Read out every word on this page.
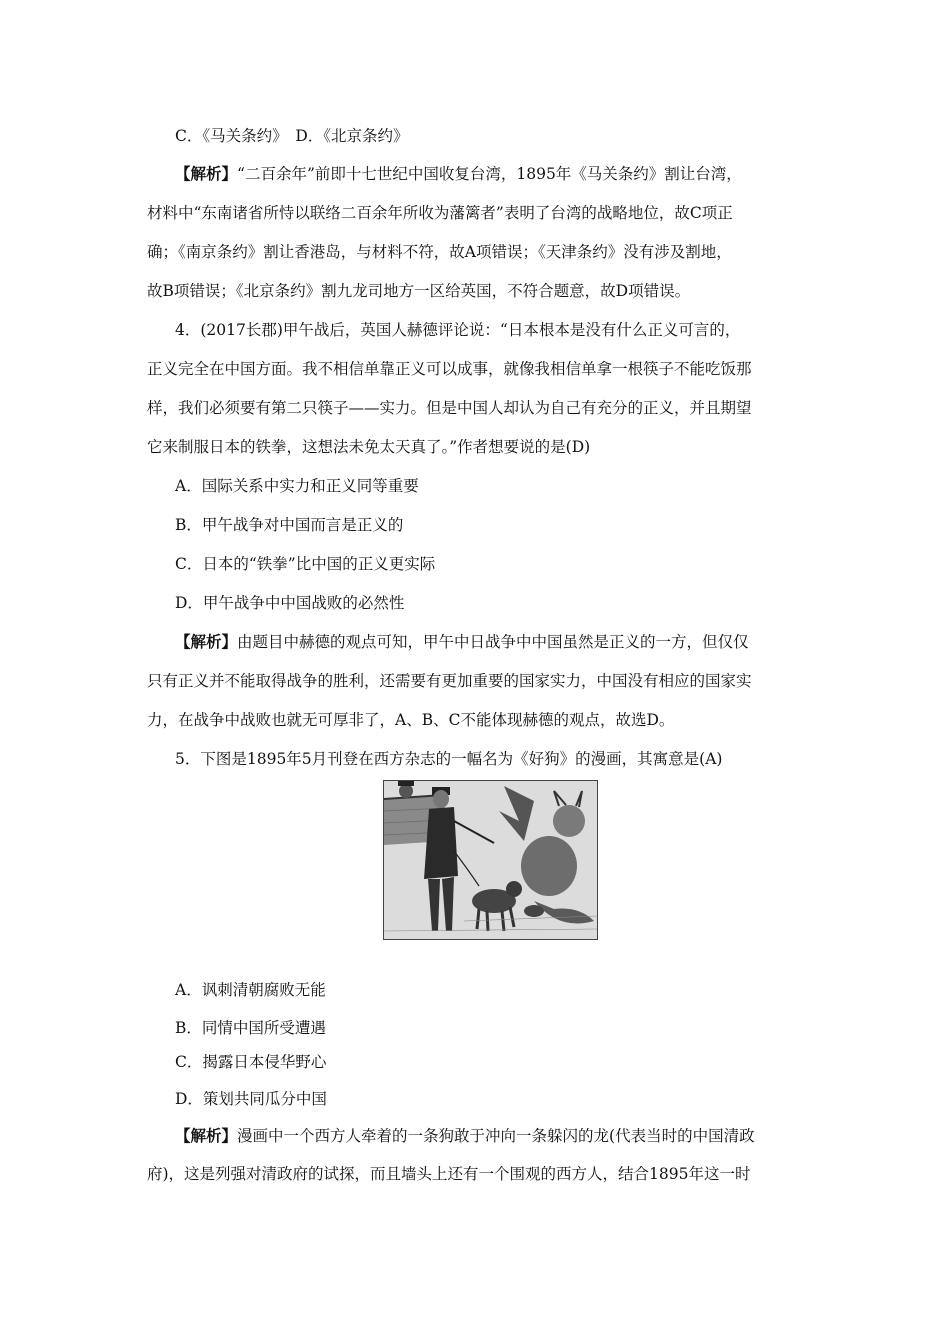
C．《马关条约》　D．《北京条约》
【解析】“二百余年”前即十七世纪中国收复台湾，1895年《马关条约》割让台湾，
材料中“东南诸省所恃以联络二百余年所收为藩篱者”表明了台湾的战略地位，故C项正
确；《南京条约》割让香港岛，与材料不符，故A项错误；《天津条约》没有涉及割地，
故B项错误；《北京条约》割九龙司地方一区给英国，不符合题意，故D项错误。
4．(2017长郡)甲午战后，英国人赫德评论说：“日本根本是没有什么正义可言的，
正义完全在中国方面。我不相信单靠正义可以成事，就像我相信单拿一根筷子不能吃饭那
样，我们必须要有第二只筷子——实力。但是中国人却认为自己有充分的正义，并且期望
它来制服日本的铁拳，这想法未免太天真了。”作者想要说的是(D)
A．国际关系中实力和正义同等重要
B．甲午战争对中国而言是正义的
C．日本的“铁拳”比中国的正义更实际
D．甲午战争中中国战败的必然性
【解析】由题目中赫德的观点可知，甲午中日战争中中国虽然是正义的一方，但仅仅
只有正义并不能取得战争的胜利，还需要有更加重要的国家实力，中国没有相应的国家实
力，在战争中战败也就无可厚非了，A、B、C不能体现赫德的观点，故选D。
5．下图是1895年5月刊登在西方杂志的一幅名为《好狗》的漫画，其寓意是(A)
A．讽刺清朝腐败无能
B．同情中国所受遭遇
C．揭露日本侵华野心
D．策划共同瓜分中国
【解析】漫画中一个西方人牵着的一条狗敢于冲向一条躲闪的龙(代表当时的中国清政
府)，这是列强对清政府的试探，而且墙头上还有一个围观的西方人，结合1895年这一时
